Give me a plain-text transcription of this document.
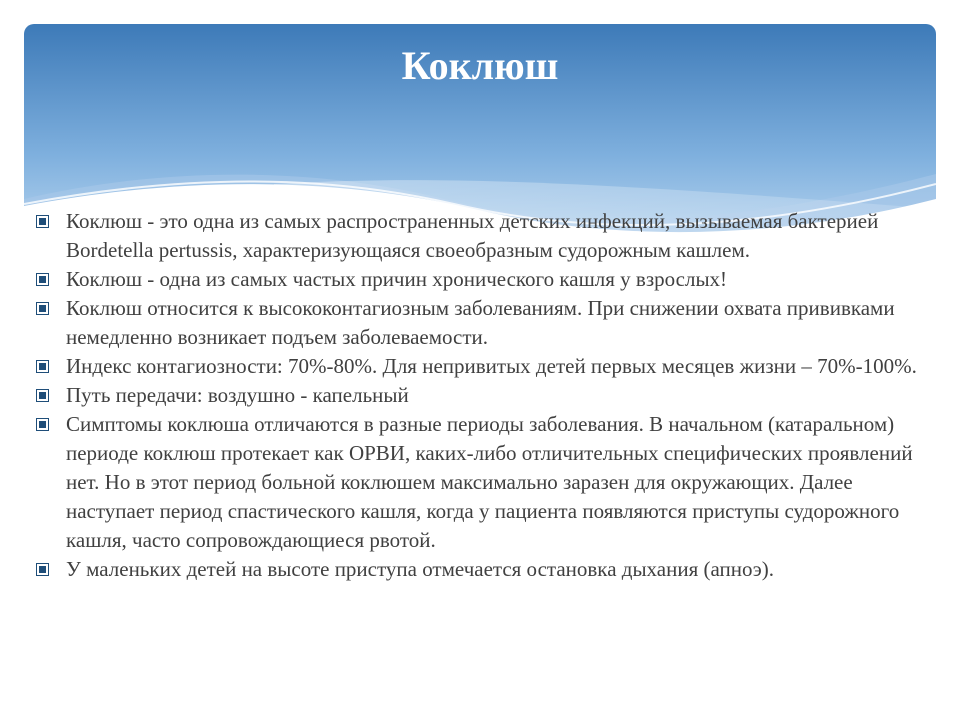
Коклюш
Коклюш - это одна из самых распространенных детских инфекций, вызываемая бактерией Bordetella pertussis, характеризующаяся своеобразным судорожным кашлем.
Коклюш - одна из самых частых причин хронического кашля у взрослых!
Коклюш относится к высококонтагиозным заболеваниям. При снижении охвата прививками немедленно возникает подъем заболеваемости.
Индекс контагиозности: 70%-80%. Для непривитых детей первых месяцев жизни – 70%-100%.
Путь передачи: воздушно - капельный
Симптомы коклюша отличаются в разные периоды заболевания. В начальном (катаральном) периоде коклюш протекает как ОРВИ, каких-либо отличительных специфических проявлений нет. Но в этот период больной коклюшем максимально заразен для окружающих. Далее наступает период спастического кашля, когда у пациента появляются приступы судорожного кашля, часто сопровождающиеся рвотой.
У маленьких детей на высоте приступа отмечается остановка дыхания (апноэ).
